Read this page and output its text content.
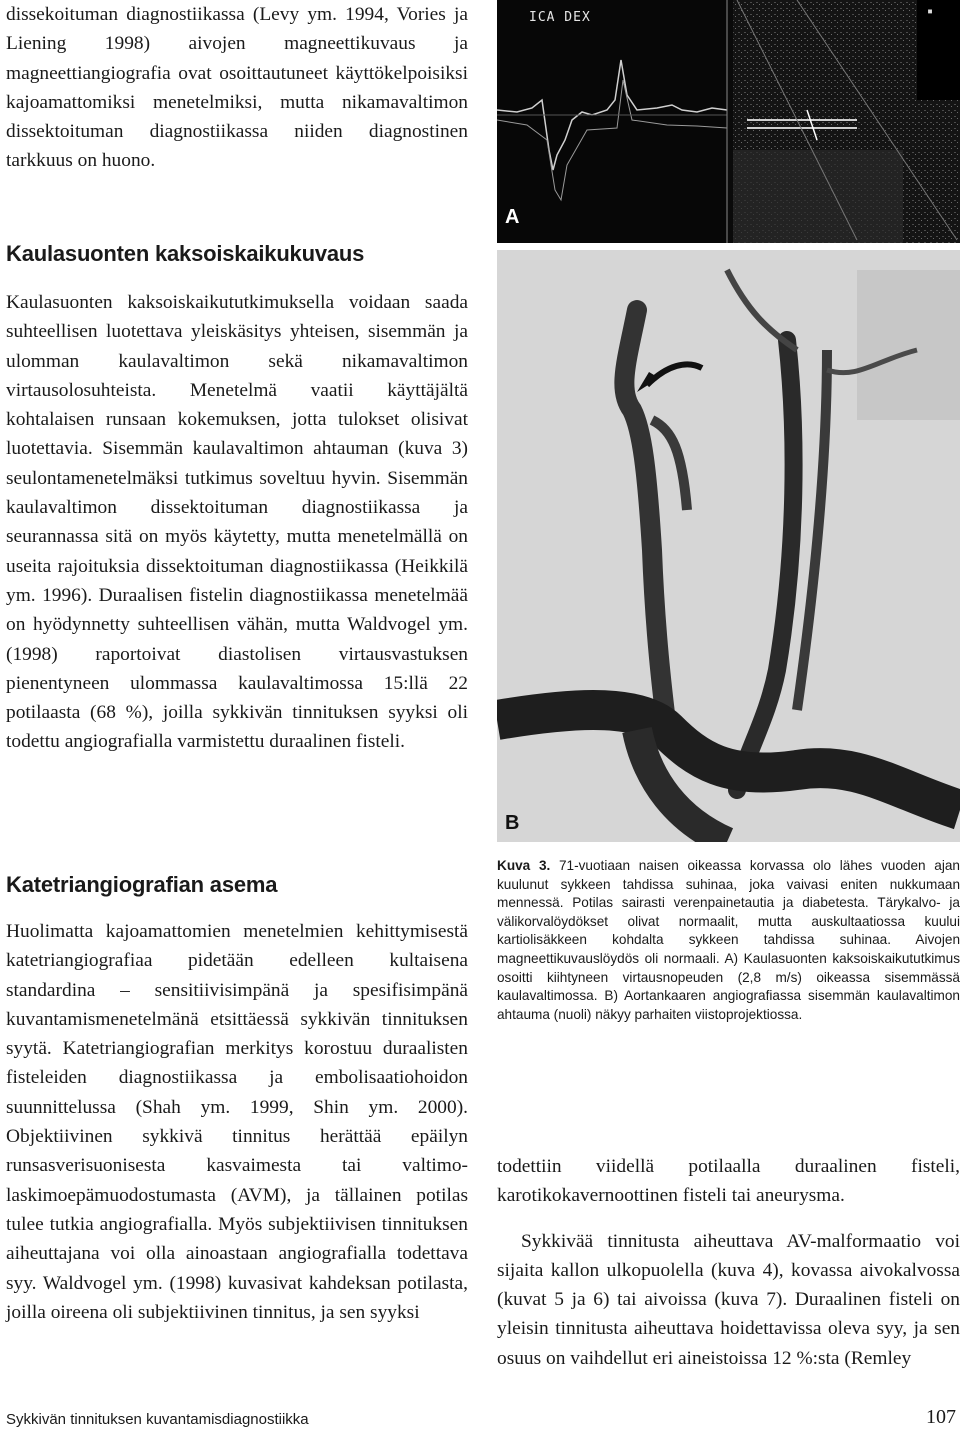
dissekoituman diagnostiikassa (Levy ym. 1994, Vories ja Liening 1998) aivojen magneettikuvaus ja magneettiangiografia ovat osoittautuneet käyttökelpoisiksi kajoamattomiksi menetelmiksi, mutta nikamavaltimon dissektoituman diagnostiikassa niiden diagnostinen tarkkuus on huono.

Kaulasuonten kaksoiskaikukuvaus

Kaulasuonten kaksoiskaikututkimuksella voidaan saada suhteellisen luotettava yleiskäsitys yhteisen, sisemmän ja ulomman kaulavaltimon sekä nikamavaltimon virtausolosuhteista. Menetelmä vaatii käyttäjältä kohtalaisen runsaan kokemuksen, jotta tulokset olisivat luotettavia. Sisemmän kaulavaltimon ahtauman (kuva 3) seulontamenetelmäksi tutkimus soveltuu hyvin. Sisemmän kaulavaltimon dissektoituman diagnostiikassa ja seurannassa sitä on myös käytetty, mutta menetelmällä on useita rajoituksia dissektoituman diagnostiikassa (Heikkilä ym. 1996). Duraalisen fistelin diagnostiikassa menetelmää on hyödynnetty suhteellisen vähän, mutta Waldvogel ym. (1998) raportoivat diastolisen virtausvastuksen pienentyneen ulommassa kaulavaltimossa 15:llä 22 potilaasta (68 %), joilla sykkivän tinnituksen syyksi oli todettu angiografialla varmistettu duraalinen fisteli.

Katetriangiografian asema

Huolimatta kajoamattomien menetelmien kehittymisestä katetriangiografiaa pidetään edelleen kultaisena standardina – sensitiivisimpänä ja spesifisimpänä kuvantamismenetelmänä etsittäessä sykkivän tinnituksen syytä. Katetriangiografian merkitys korostuu duraalisten fisteleiden diagnostiikassa ja embolisaatiohoidon suunnittelussa (Shah ym. 1999, Shin ym. 2000). Objektiivinen sykkivä tinnitus herättää epäilyn runsasverisuonisesta kasvaimesta tai valtimo-laskimoepämuodostumasta (AVM), ja tällainen potilas tulee tutkia angiografialla. Myös subjektiivisen tinnituksen aiheuttajana voi olla ainoastaan angiografialla todettava syy. Waldvogel ym. (1998) kuvasivat kahdeksan potilasta, joilla oireena oli subjektiivinen tinnitus, ja sen syyksi

▪
ICA DEX
A
B

Kuva 3. 71-vuotiaan naisen oikeassa korvassa olo lähes vuoden ajan kuulunut sykkeen tahdissa suhinaa, joka vaivasi eniten nukkumaan mennessä. Potilas sairasti verenpainetautia ja diabetesta. Tärykalvo- ja välikorvalöydökset olivat normaalit, mutta auskultaatiossa kuului kartiolisäkkeen kohdalta sykkeen tahdissa suhinaa. Aivojen magneettikuvauslöydös oli normaali. A) Kaulasuonten kaksoiskaikututkimus osoitti kiihtyneen virtausnopeuden (2,8 m/s) oikeassa sisemmässä kaulavaltimossa. B) Aortankaaren angiografiassa sisemmän kaulavaltimon ahtauma (nuoli) näkyy parhaiten viistoprojektiossa.

todettiin viidellä potilaalla duraalinen fisteli, karotikokavernoottinen fisteli tai aneurysma.

Sykkivää tinnitusta aiheuttava AV-malformaatio voi sijaita kallon ulkopuolella (kuva 4), kovassa aivokalvossa (kuvat 5 ja 6) tai aivoissa (kuva 7). Duraalinen fisteli on yleisin tinnitusta aiheuttava hoidettavissa oleva syy, ja sen osuus on vaihdellut eri aineistoissa 12 %:sta (Remley

Sykkivän tinnituksen kuvantamisdiagnostiikka	107
